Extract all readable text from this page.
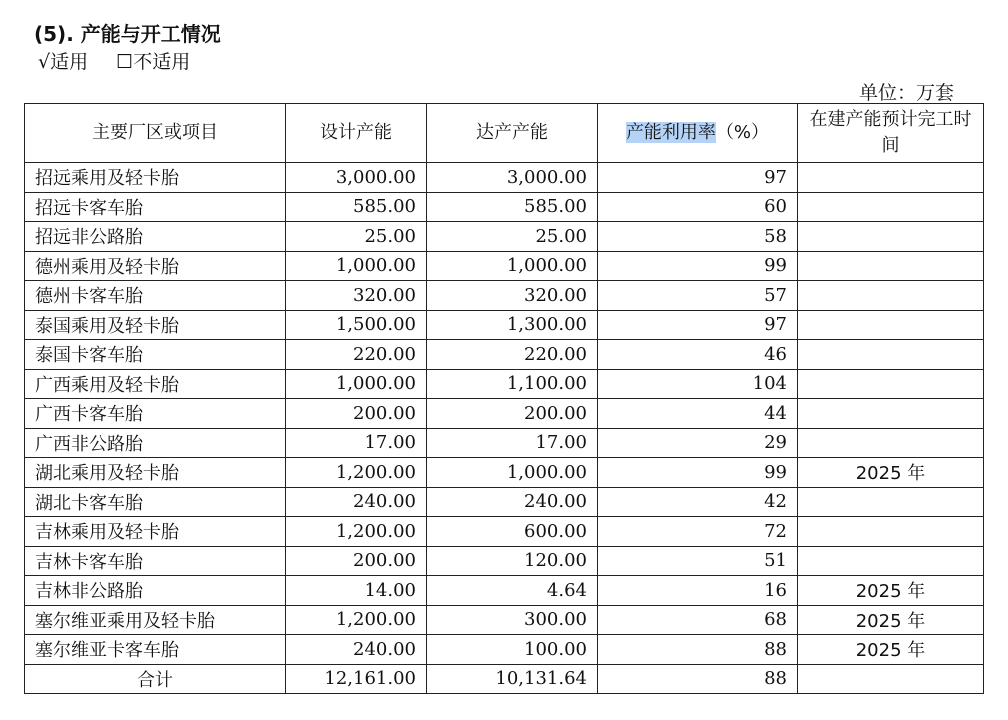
(5). 产能与开工情况
√适用 ☐不适用
单位：万套
主要厂区或项目	设计产能	达产产能	产能利用率（%）	在建产能预计完工时间
招远乘用及轻卡胎	3,000.00	3,000.00	97	
招远卡客车胎	585.00	585.00	60	
招远非公路胎	25.00	25.00	58	
德州乘用及轻卡胎	1,000.00	1,000.00	99	
德州卡客车胎	320.00	320.00	57	
泰国乘用及轻卡胎	1,500.00	1,300.00	97	
泰国卡客车胎	220.00	220.00	46	
广西乘用及轻卡胎	1,000.00	1,100.00	104	
广西卡客车胎	200.00	200.00	44	
广西非公路胎	17.00	17.00	29	
湖北乘用及轻卡胎	1,200.00	1,000.00	99	2025 年
湖北卡客车胎	240.00	240.00	42	
吉林乘用及轻卡胎	1,200.00	600.00	72	
吉林卡客车胎	200.00	120.00	51	
吉林非公路胎	14.00	4.64	16	2025 年
塞尔维亚乘用及轻卡胎	1,200.00	300.00	68	2025 年
塞尔维亚卡客车胎	240.00	100.00	88	2025 年
合计	12,161.00	10,131.64	88	
